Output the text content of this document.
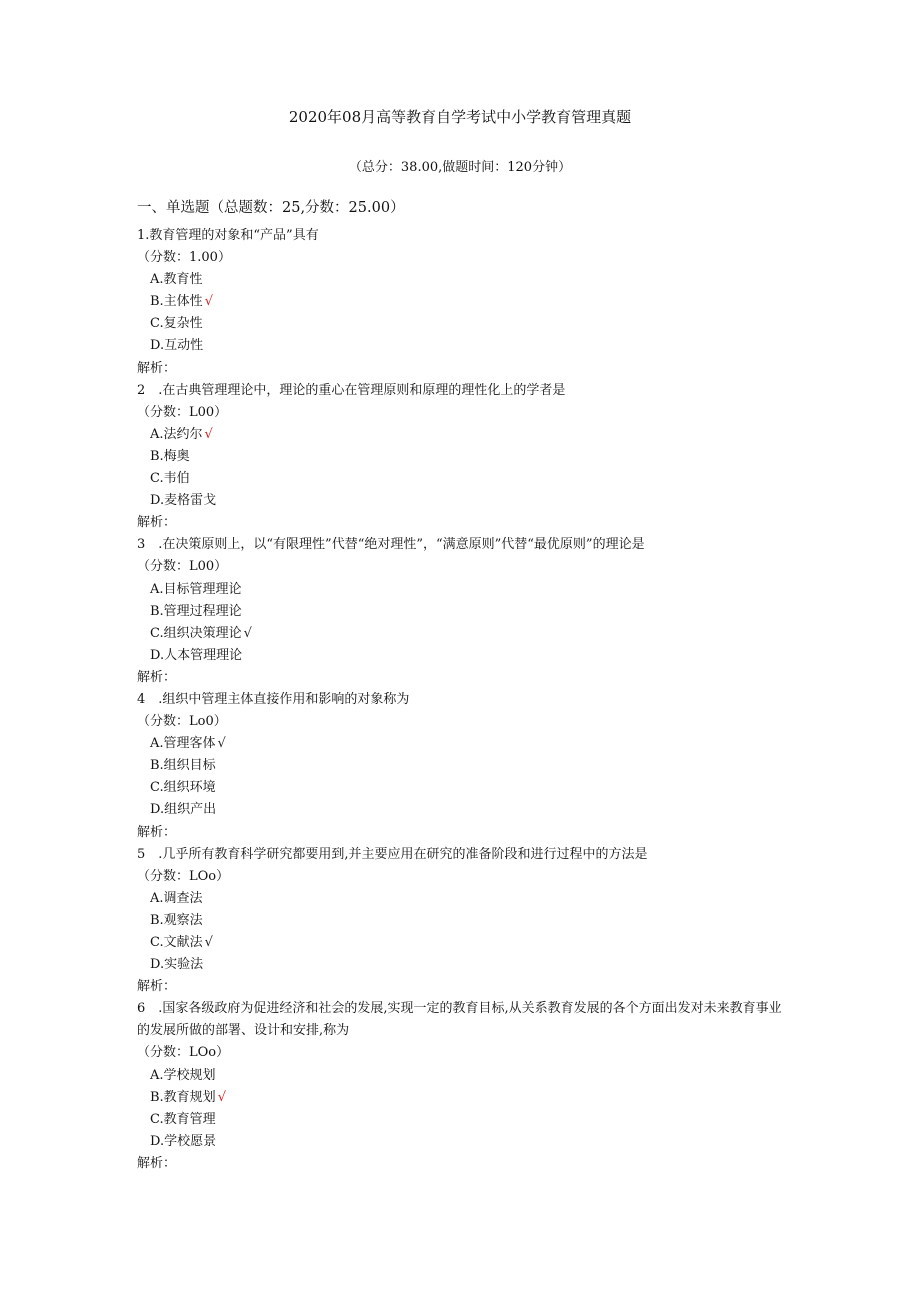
2020年08月高等教育自学考试中小学教育管理真题
（总分：38.00,做题时间：120分钟）
一、单选题（总题数：25,分数：25.00）
1.教育管理的对象和“产品”具有
（分数：1.00）
A.教育性
B.主体性 √
C.复杂性
D.互动性
解析：
2　.在古典管理理论中，理论的重心在管理原则和原理的理性化上的学者是
（分数：L00）
A.法约尔 √
B.梅奥
C.韦伯
D.麦格雷戈
解析：
3　.在决策原则上，以“有限理性”代替“绝对理性”，“满意原则”代替“最优原则”的理论是
（分数：L00）
A.目标管理理论
B.管理过程理论
C.组织决策理论 √
D.人本管理理论
解析：
4　.组织中管理主体直接作用和影响的对象称为
（分数：Lo0）
A.管理客体 √
B.组织目标
C.组织环境
D.组织产出
解析：
5　.几乎所有教育科学研究都要用到,并主要应用在研究的准备阶段和进行过程中的方法是
（分数：LOo）
A.调查法
B.观察法
C.文献法 √
D.实验法
解析：
6　.国家各级政府为促进经济和社会的发展,实现一定的教育目标,从关系教育发展的各个方面出发对未来教育事业的发展所做的部署、设计和安排,称为
（分数：LOo）
A.学校规划
B.教育规划 √
C.教育管理
D.学校愿景
解析：
